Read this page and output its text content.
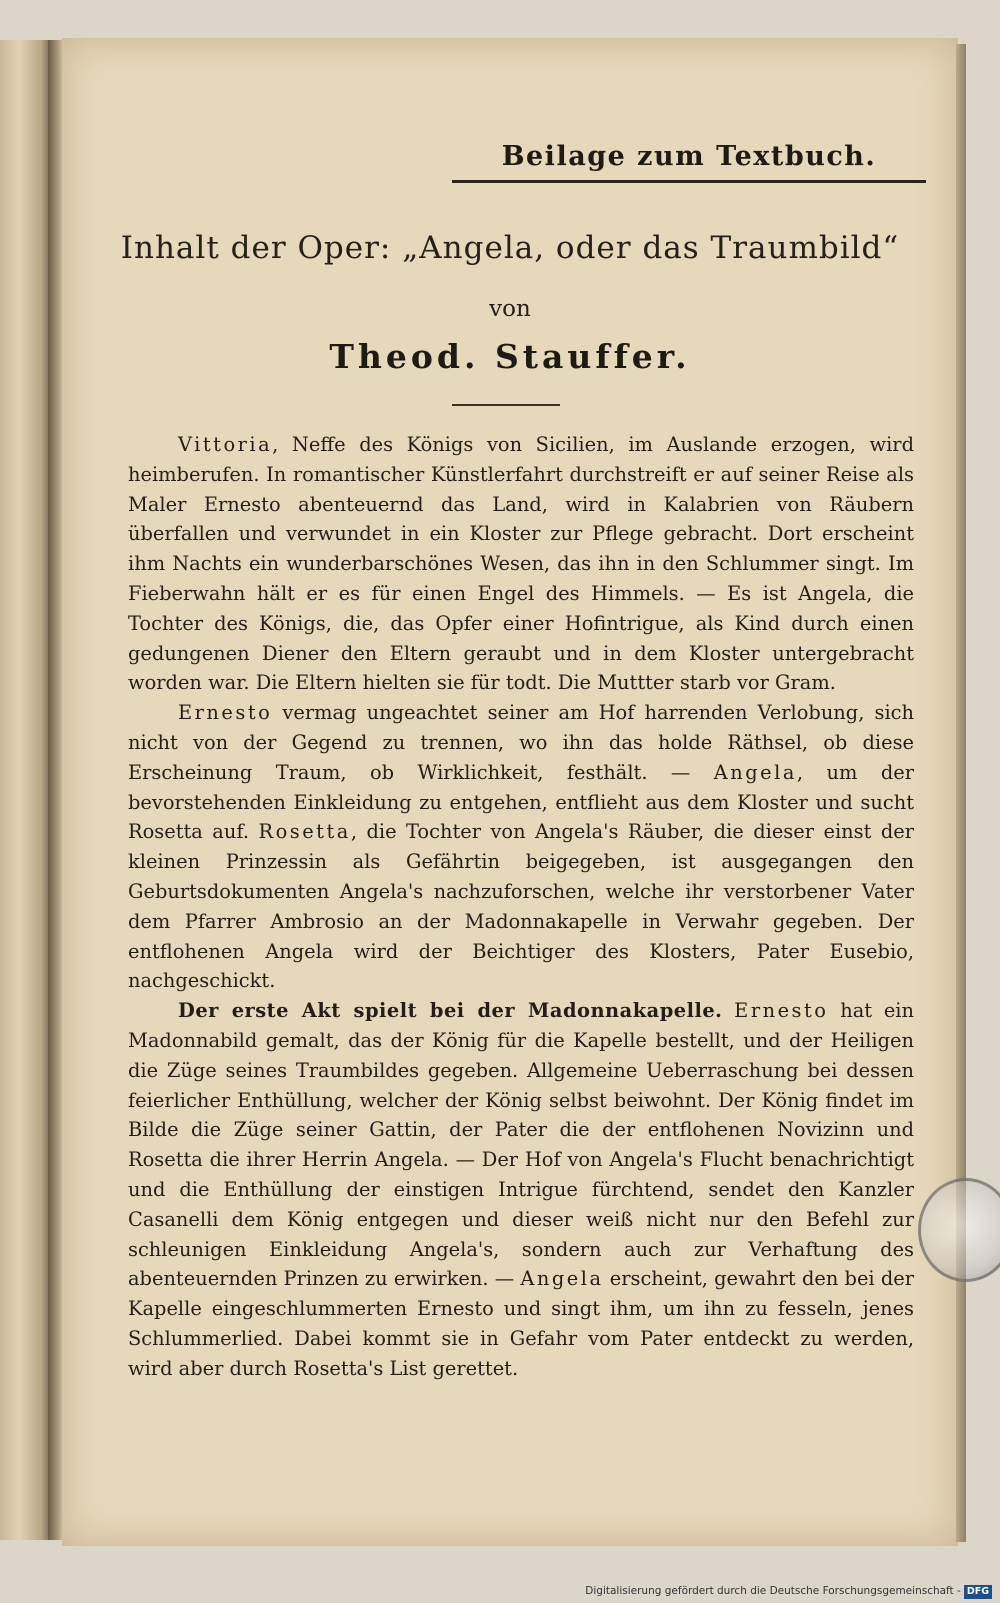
Beilage zum Textbuch.
Inhalt der Oper: „Angela, oder das Traumbild“
von
Theod. Stauffer.

Vittoria, Neffe des Königs von Sicilien, im Auslande erzogen, wird heimberufen. In romantischer Künstlerfahrt durchstreift er auf seiner Reise als Maler Ernesto abenteuernd das Land, wird in Kalabrien von Räubern überfallen und verwundet in ein Kloster zur Pflege gebracht. Dort erscheint ihm Nachts ein wunderbarschönes Wesen, das ihn in den Schlummer singt. Im Fieberwahn hält er es für einen Engel des Himmels. — Es ist Angela, die Tochter des Königs, die, das Opfer einer Hofintrigue, als Kind durch einen gedungenen Diener den Eltern geraubt und in dem Kloster untergebracht worden war. Die Eltern hielten sie für todt. Die Muttter starb vor Gram.

Ernesto vermag ungeachtet seiner am Hof harrenden Verlobung, sich nicht von der Gegend zu trennen, wo ihn das holde Räthsel, ob diese Erscheinung Traum, ob Wirklichkeit, festhält. — Angela, um der bevorstehenden Einkleidung zu entgehen, entflieht aus dem Kloster und sucht Rosetta auf. Rosetta, die Tochter von Angela's Räuber, die dieser einst der kleinen Prinzessin als Gefährtin beigegeben, ist ausgegangen den Geburtsdokumenten Angela's nachzuforschen, welche ihr verstorbener Vater dem Pfarrer Ambrosio an der Madonnakapelle in Verwahr gegeben. Der entflohenen Angela wird der Beichtiger des Klosters, Pater Eusebio, nachgeschickt.

Der erste Akt spielt bei der Madonnakapelle. Ernesto hat ein Madonnabild gemalt, das der König für die Kapelle bestellt, und der Heiligen die Züge seines Traumbildes gegeben. Allgemeine Ueberraschung bei dessen feierlicher Enthüllung, welcher der König selbst beiwohnt. Der König findet im Bilde die Züge seiner Gattin, der Pater die der entflohenen Novizinn und Rosetta die ihrer Herrin Angela. — Der Hof von Angela's Flucht benachrichtigt und die Enthüllung der einstigen Intrigue fürchtend, sendet den Kanzler Casanelli dem König entgegen und dieser weiß nicht nur den Befehl zur schleunigen Einkleidung Angela's, sondern auch zur Verhaftung des abenteuernden Prinzen zu erwirken. — Angela erscheint, gewahrt den bei der Kapelle eingeschlummerten Ernesto und singt ihm, um ihn zu fesseln, jenes Schlummerlied. Dabei kommt sie in Gefahr vom Pater entdeckt zu werden, wird aber durch Rosetta's List gerettet.

Digitalisierung gefördert durch die Deutsche Forschungsgemeinschaft - DFG
